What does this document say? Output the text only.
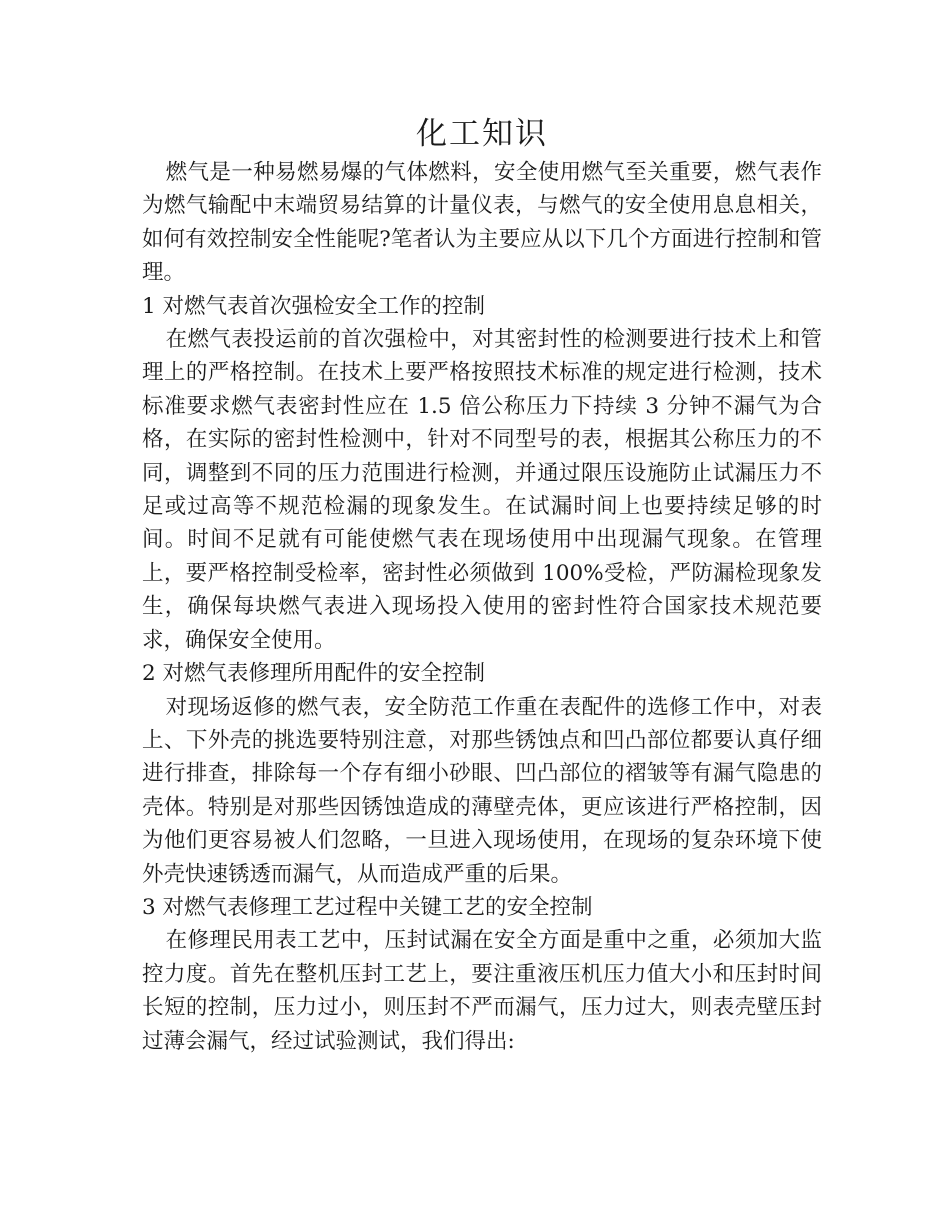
化工知识

燃气是一种易燃易爆的气体燃料，安全使用燃气至关重要，燃气表作为燃气输配中末端贸易结算的计量仪表，与燃气的安全使用息息相关，如何有效控制安全性能呢?笔者认为主要应从以下几个方面进行控制和管理。

1 对燃气表首次强检安全工作的控制

在燃气表投运前的首次强检中，对其密封性的检测要进行技术上和管理上的严格控制。在技术上要严格按照技术标准的规定进行检测，技术标准要求燃气表密封性应在 1.5 倍公称压力下持续 3 分钟不漏气为合格，在实际的密封性检测中，针对不同型号的表，根据其公称压力的不同，调整到不同的压力范围进行检测，并通过限压设施防止试漏压力不足或过高等不规范检漏的现象发生。在试漏时间上也要持续足够的时间。时间不足就有可能使燃气表在现场使用中出现漏气现象。在管理上，要严格控制受检率，密封性必须做到 100%受检，严防漏检现象发生，确保每块燃气表进入现场投入使用的密封性符合国家技术规范要求，确保安全使用。

2 对燃气表修理所用配件的安全控制

对现场返修的燃气表，安全防范工作重在表配件的选修工作中，对表上、下外壳的挑选要特别注意，对那些锈蚀点和凹凸部位都要认真仔细进行排查，排除每一个存有细小砂眼、凹凸部位的褶皱等有漏气隐患的壳体。特别是对那些因锈蚀造成的薄壁壳体，更应该进行严格控制，因为他们更容易被人们忽略，一旦进入现场使用，在现场的复杂环境下使外壳快速锈透而漏气，从而造成严重的后果。

3 对燃气表修理工艺过程中关键工艺的安全控制

在修理民用表工艺中，压封试漏在安全方面是重中之重，必须加大监控力度。首先在整机压封工艺上，要注重液压机压力值大小和压封时间长短的控制，压力过小，则压封不严而漏气，压力过大，则表壳壁压封过薄会漏气，经过试验测试，我们得出:
